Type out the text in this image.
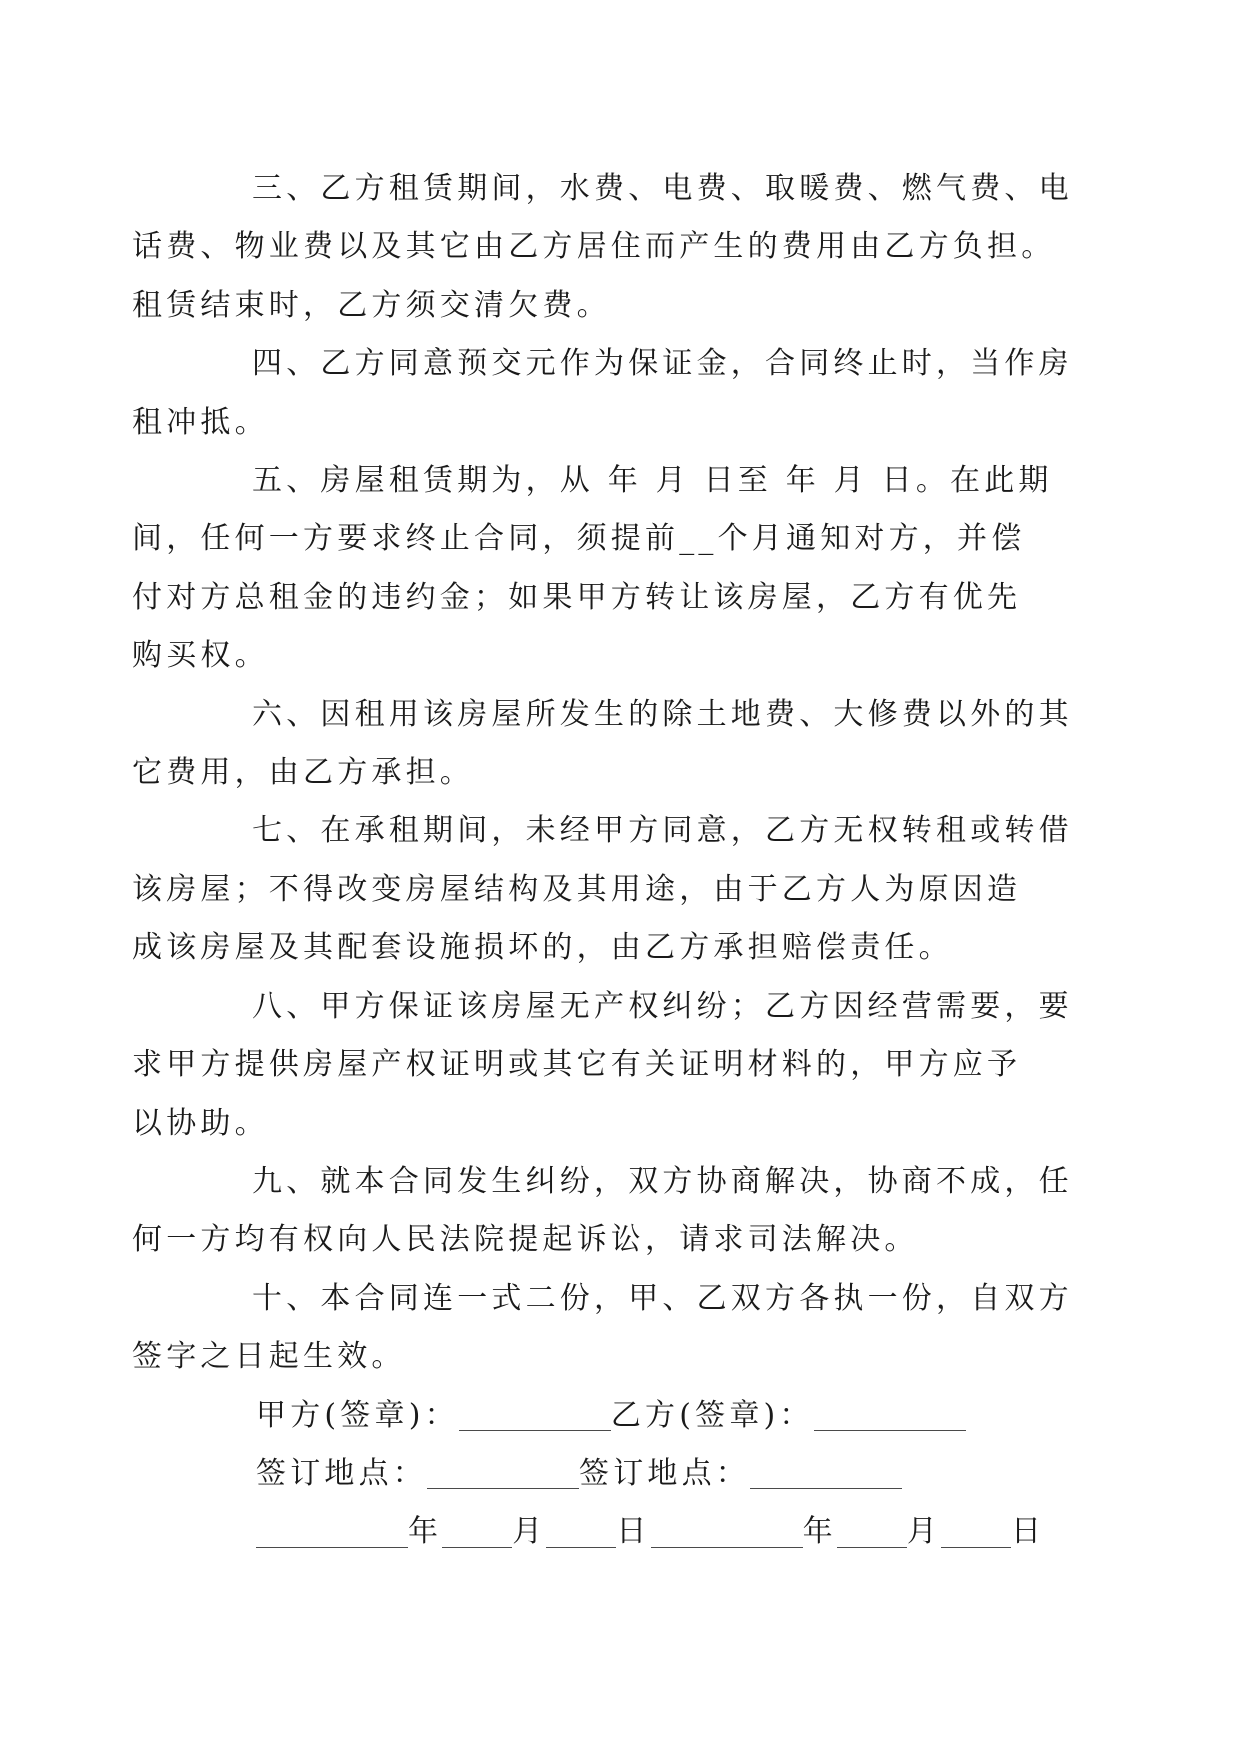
三、乙方租赁期间，水费、电费、取暖费、燃气费、电
话费、物业费以及其它由乙方居住而产生的费用由乙方负担。
租赁结束时，乙方须交清欠费。

四、乙方同意预交元作为保证金，合同终止时，当作房
租冲抵。

五、房屋租赁期为，从 年 月 日至 年 月 日。在此期
间，任何一方要求终止合同，须提前__个月通知对方，并偿
付对方总租金的违约金；如果甲方转让该房屋，乙方有优先
购买权。

六、因租用该房屋所发生的除土地费、大修费以外的其
它费用，由乙方承担。

七、在承租期间，未经甲方同意，乙方无权转租或转借
该房屋；不得改变房屋结构及其用途，由于乙方人为原因造
成该房屋及其配套设施损坏的，由乙方承担赔偿责任。

八、甲方保证该房屋无产权纠纷；乙方因经营需要，要
求甲方提供房屋产权证明或其它有关证明材料的，甲方应予
以协助。

九、就本合同发生纠纷，双方协商解决，协商不成，任
何一方均有权向人民法院提起诉讼，请求司法解决。

十、本合同连一式二份，甲、乙双方各执一份，自双方
签字之日起生效。

甲方(签章)：	乙方(签章)：
签订地点：	签订地点：
年 月 日	年 月 日
